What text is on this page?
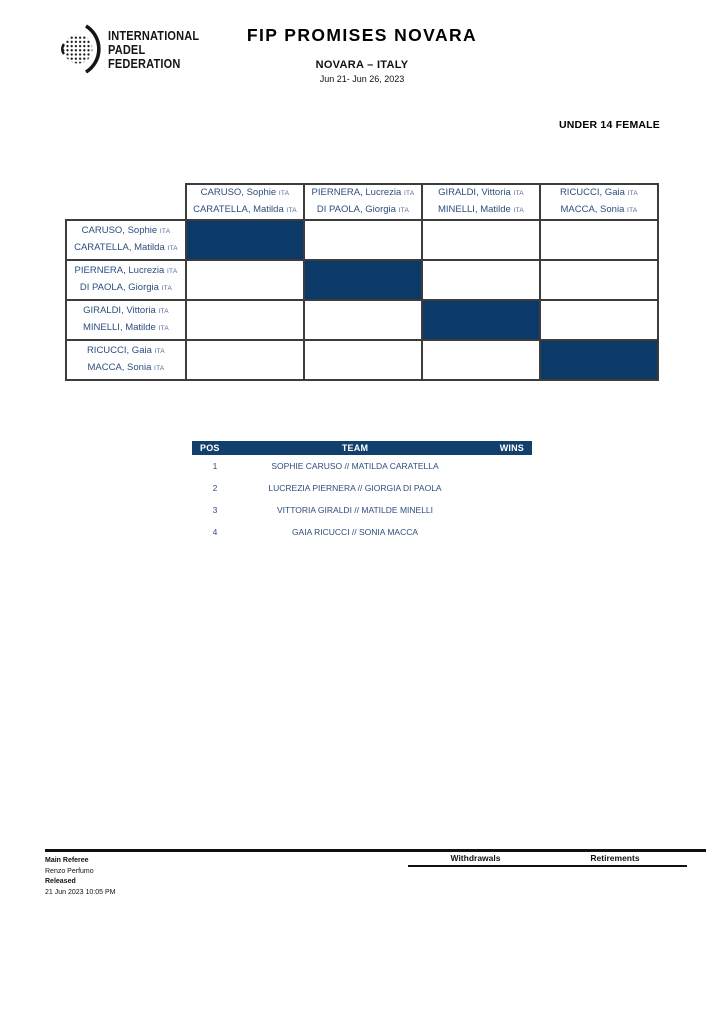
INTERNATIONAL
PADEL
FEDERATION
FIP PROMISES NOVARA
NOVARA – ITALY
Jun 21- Jun 26, 2023
UNDER 14 FEMALE

CARUSO, Sophie ITA
CARATELLA, Matilda ITA

PIERNERA, Lucrezia ITA
DI PAOLA, Giorgia ITA

GIRALDI, Vittoria ITA
MINELLI, Matilde ITA

RICUCCI, Gaia ITA
MACCA, Sonia ITA

CARUSO, Sophie ITA
CARATELLA, Matilda ITA				

PIERNERA, Lucrezia ITA
DI PAOLA, Giorgia ITA				

GIRALDI, Vittoria ITA
MINELLI, Matilde ITA				

RICUCCI, Gaia ITA
MACCA, Sonia ITA				

POS	TEAM	WINS
1	SOPHIE CARUSO // MATILDA CARATELLA
2	LUCREZIA PIERNERA // GIORGIA DI PAOLA
3	VITTORIA GIRALDI // MATILDE MINELLI
4	GAIA RICUCCI // SONIA MACCA
Main Referee
Renzo Perfumo
Released
21 Jun 2023 10:05 PM
Withdrawals	Retirements
